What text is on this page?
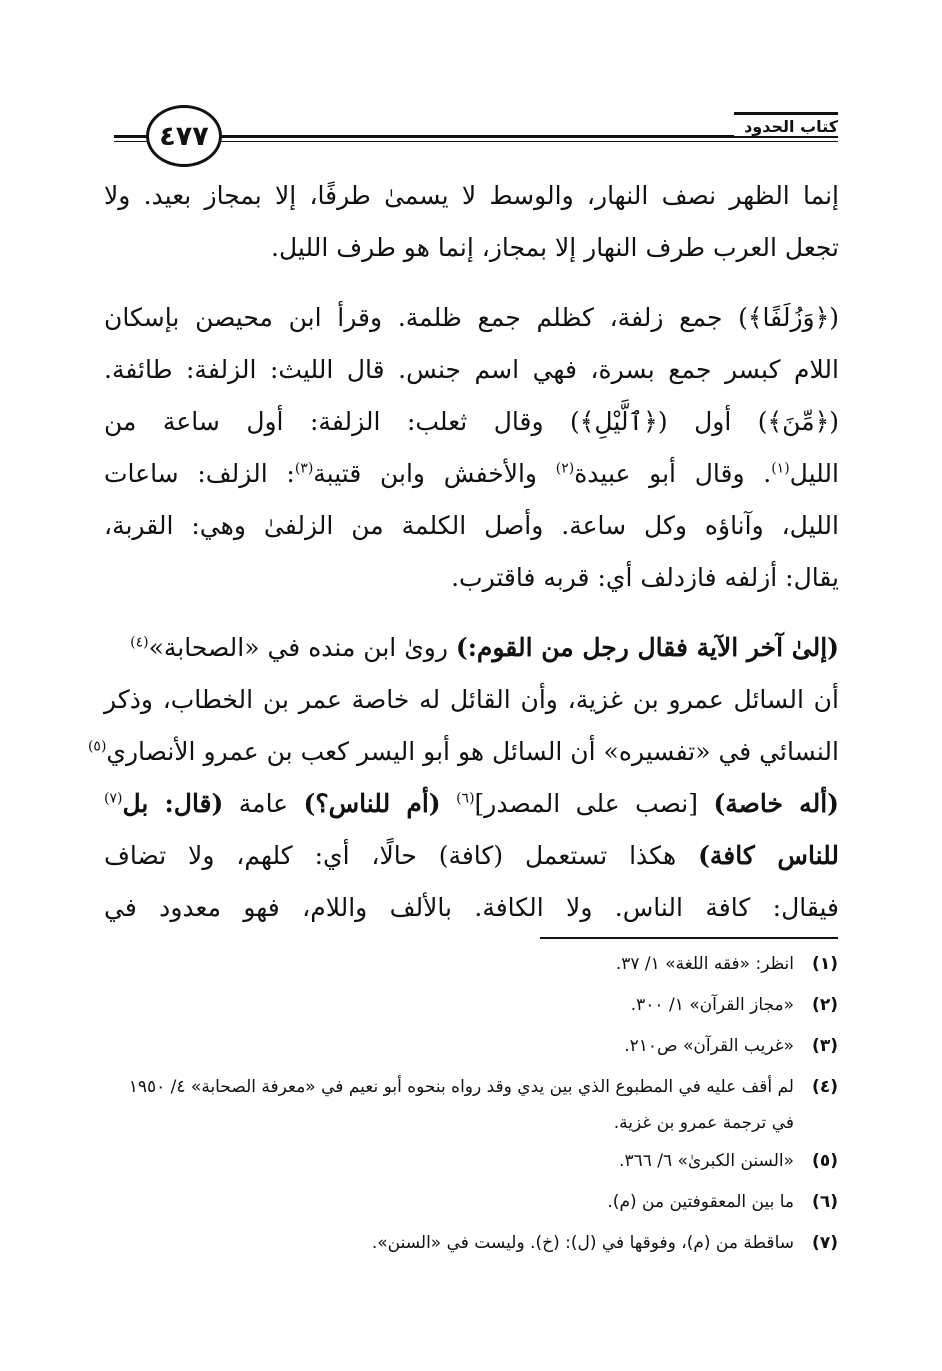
٤٧٧	كتاب الحدود
إنما الظهر نصف النهار، والوسط لا يسمىٰ طرفًا، إلا بمجاز بعيد. ولا
تجعل العرب طرف النهار إلا بمجاز، إنما هو طرف الليل.
(﴿وَزُلَفًا﴾) جمع زلفة، كظلم جمع ظلمة. وقرأ ابن محيصن بإسكان
اللام كبسر جمع بسرة، فهي اسم جنس. قال الليث: الزلفة: طائفة.
(﴿مِّنَ﴾) أول (﴿ٱلَّيْلِ﴾) وقال ثعلب: الزلفة: أول ساعة من
الليل$^{(١)}$. وقال أبو عبيدة$^{(٢)}$ والأخفش وابن قتيبة$^{(٣)}$: الزلف: ساعات
الليل، وآناؤه وكل ساعة. وأصل الكلمة من الزلفىٰ وهي: القربة،
يقال: أزلفه فازدلف أي: قربه فاقترب.
(إلىٰ آخر الآية فقال رجل من القوم:) روىٰ ابن منده في «الصحابة»$^{(٤)}$
أن السائل عمرو بن غزية، وأن القائل له خاصة عمر بن الخطاب، وذكر
النسائي في «تفسيره» أن السائل هو أبو اليسر كعب بن عمرو الأنصاري$^{(٥)}$
(أله خاصة) [نصب على المصدر]$^{(٦)}$ (أم للناس؟) عامة (قال: بل$^{(٧)}$
للناس كافة) هكذا تستعمل (كافة) حالًا، أي: كلهم، ولا تضاف
فيقال: كافة الناس. ولا الكافة. بالألف واللام، فهو معدود في
(١)
انظر: «فقه اللغة» ١/ ٣٧.
(٢)
«مجاز القرآن» ١/ ٣٠٠.
(٣)
«غريب القرآن» ص٢١٠.
(٤)
لم أقف عليه في المطبوع الذي بين يدي وقد رواه بنحوه أبو نعيم في «معرفة الصحابة» ٤/ ١٩٥٠ في ترجمة عمرو بن غزية.
(٥)
«السنن الكبرىٰ» ٦/ ٣٦٦.
(٦)
ما بين المعقوفتين من (م).
(٧)
ساقطة من (م)، وفوقها في (ل): (خ). وليست في «السنن».
